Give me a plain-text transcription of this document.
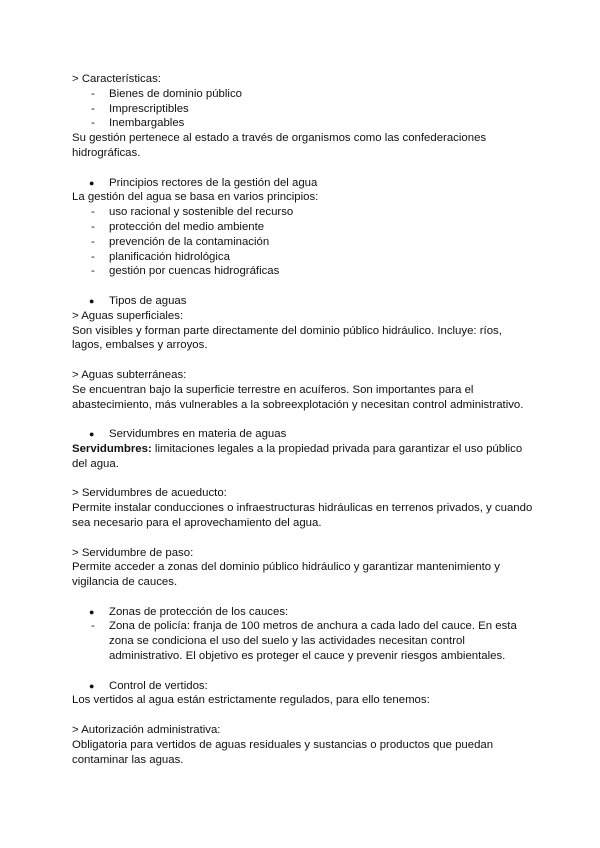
> Características:
- Bienes de dominio público
- Imprescriptibles
- Inembargables
Su gestión pertenece al estado a través de organismos como las confederaciones hidrográficas.
● Principios rectores de la gestión del agua
La gestión del agua se basa en varios principios:
- uso racional y sostenible del recurso
- protección del medio ambiente
- prevención de la contaminación
- planificación hidrológica
- gestión por cuencas hidrográficas
● Tipos de aguas
> Aguas superficiales:
Son visibles y forman parte directamente del dominio público hidráulico. Incluye: ríos, lagos, embalses y arroyos.
> Aguas subterráneas:
Se encuentran bajo la superficie terrestre en acuíferos. Son importantes para el abastecimiento, más vulnerables a la sobreexplotación y necesitan control administrativo.
● Servidumbres en materia de aguas
Servidumbres: limitaciones legales a la propiedad privada para garantizar el uso público del agua.
> Servidumbres de acueducto:
Permite instalar conducciones o infraestructuras hidráulicas en terrenos privados, y cuando sea necesario para el aprovechamiento del agua.
> Servidumbre de paso:
Permite acceder a zonas del dominio público hidráulico y garantizar mantenimiento y vigilancia de cauces.
● Zonas de protección de los cauces:
- Zona de policía: franja de 100 metros de anchura a cada lado del cauce. En esta zona se condiciona el uso del suelo y las actividades necesitan control administrativo. El objetivo es proteger el cauce y prevenir riesgos ambientales.
● Control de vertidos:
Los vertidos al agua están estrictamente regulados, para ello tenemos:
> Autorización administrativa:
Obligatoria para vertidos de aguas residuales y sustancias o productos que puedan contaminar las aguas.
